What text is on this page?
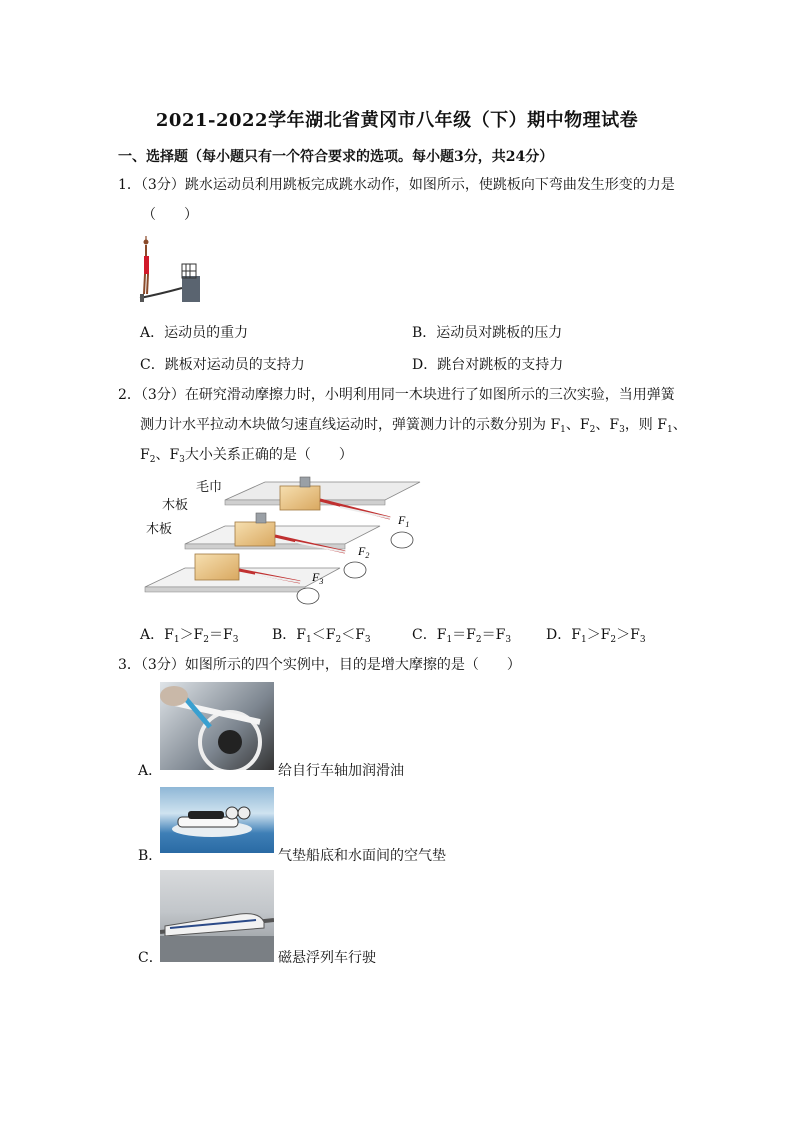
2021-2022学年湖北省黄冈市八年级（下）期中物理试卷
一、选择题（每小题只有一个符合要求的选项。每小题3分，共24分）
1．（3分）跳水运动员利用跳板完成跳水动作，如图所示，使跳板向下弯曲发生形变的力是
（　　）
A．运动员的重力	B．运动员对跳板的压力
C．跳板对运动员的支持力	D．跳台对跳板的支持力
2．（3分）在研究滑动摩擦力时，小明利用同一木块进行了如图所示的三次实验，当用弹簧
测力计水平拉动木块做匀速直线运动时，弹簧测力计的示数分别为 $F_1$、$F_2$、$F_3$，则 $F_1$、
$F_2$、$F_3$大小关系正确的是（　　）
$F_1$
$F_2$
$F_3$
毛巾
木板
木板
A．$F_1>F_2=F_3$ B．$F_1<F_2<F_3$	C．$F_1=F_2=F_3$ D．$F_1>F_2>F_3$
3．（3分）如图所示的四个实例中，目的是增大摩擦的是（　　）
A．	给自行车轴加润滑油
B．	气垫船底和水面间的空气垫
C．	磁悬浮列车行驶
